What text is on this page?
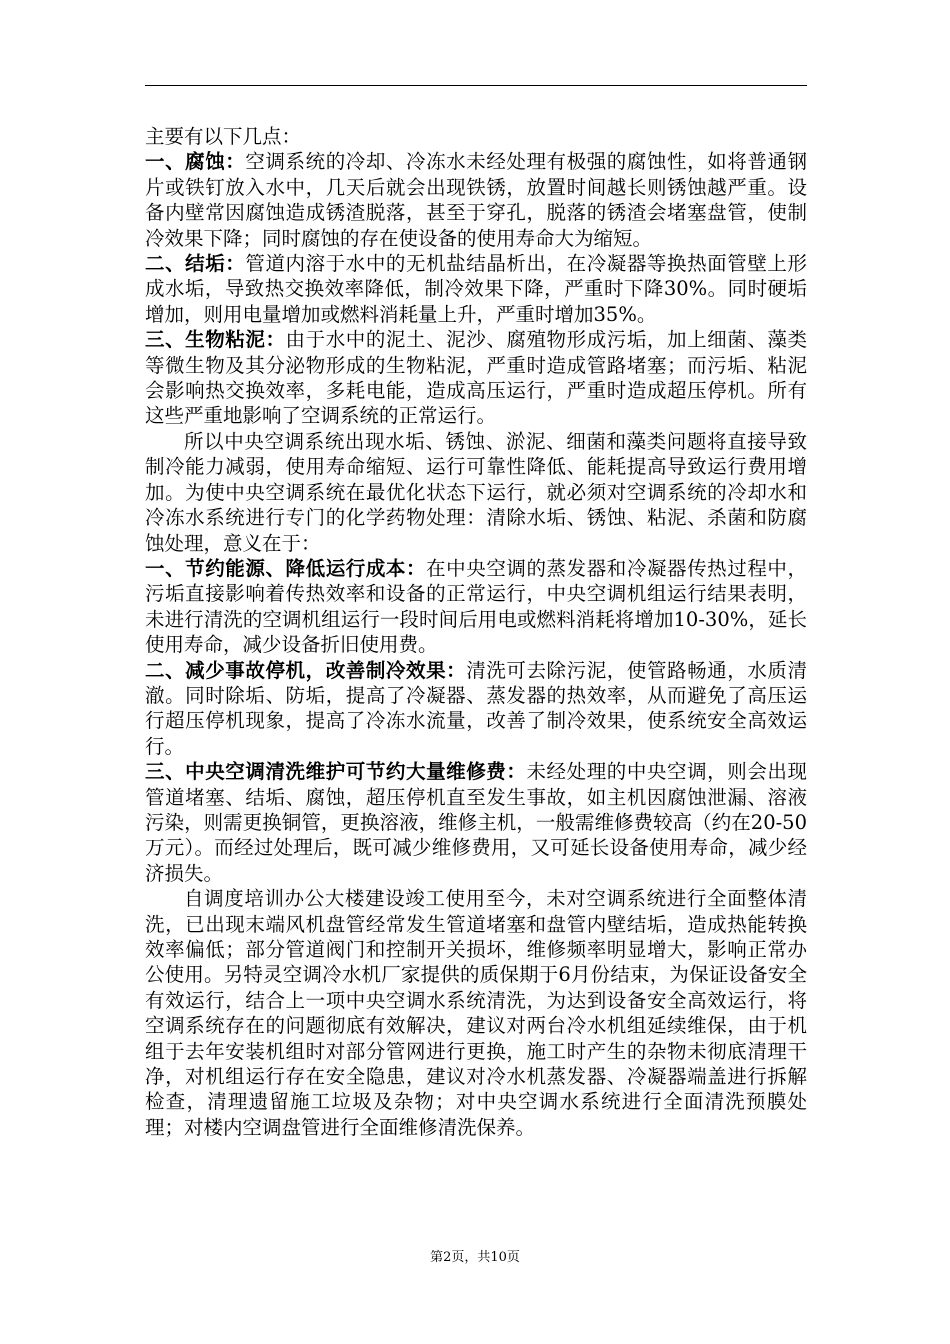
主要有以下几点：

一、腐蚀：空调系统的冷却、冷冻水未经处理有极强的腐蚀性，如将普通钢片或铁钉放入水中，几天后就会出现铁锈，放置时间越长则锈蚀越严重。设备内壁常因腐蚀造成锈渣脱落，甚至于穿孔，脱落的锈渣会堵塞盘管，使制冷效果下降；同时腐蚀的存在使设备的使用寿命大为缩短。

二、结垢：管道内溶于水中的无机盐结晶析出，在冷凝器等换热面管壁上形成水垢，导致热交换效率降低，制冷效果下降，严重时下降30%。同时硬垢增加，则用电量增加或燃料消耗量上升，严重时增加35%。

三、生物粘泥：由于水中的泥土、泥沙、腐殖物形成污垢，加上细菌、藻类等微生物及其分泌物形成的生物粘泥，严重时造成管路堵塞；而污垢、粘泥会影响热交换效率，多耗电能，造成高压运行，严重时造成超压停机。所有这些严重地影响了空调系统的正常运行。

所以中央空调系统出现水垢、锈蚀、淤泥、细菌和藻类问题将直接导致制冷能力减弱，使用寿命缩短、运行可靠性降低、能耗提高导致运行费用增加。为使中央空调系统在最优化状态下运行，就必须对空调系统的冷却水和冷冻水系统进行专门的化学药物处理：清除水垢、锈蚀、粘泥、杀菌和防腐蚀处理，意义在于：

一、节约能源、降低运行成本：在中央空调的蒸发器和冷凝器传热过程中，污垢直接影响着传热效率和设备的正常运行，中央空调机组运行结果表明，未进行清洗的空调机组运行一段时间后用电或燃料消耗将增加10-30%，延长使用寿命，减少设备折旧使用费。

二、减少事故停机，改善制冷效果：清洗可去除污泥，使管路畅通，水质清澈。同时除垢、防垢，提高了冷凝器、蒸发器的热效率，从而避免了高压运行超压停机现象，提高了冷冻水流量，改善了制冷效果，使系统安全高效运行。

三、中央空调清洗维护可节约大量维修费：未经处理的中央空调，则会出现管道堵塞、结垢、腐蚀，超压停机直至发生事故，如主机因腐蚀泄漏、溶液污染，则需更换铜管，更换溶液，维修主机，一般需维修费较高（约在20-50万元）。而经过处理后，既可减少维修费用，又可延长设备使用寿命，减少经济损失。

自调度培训办公大楼建设竣工使用至今，未对空调系统进行全面整体清洗，已出现末端风机盘管经常发生管道堵塞和盘管内壁结垢，造成热能转换效率偏低；部分管道阀门和控制开关损坏，维修频率明显增大，影响正常办公使用。另特灵空调冷水机厂家提供的质保期于6月份结束，为保证设备安全有效运行，结合上一项中央空调水系统清洗，为达到设备安全高效运行，将空调系统存在的问题彻底有效解决，建议对两台冷水机组延续维保，由于机组于去年安装机组时对部分管网进行更换，施工时产生的杂物未彻底清理干净，对机组运行存在安全隐患，建议对冷水机蒸发器、冷凝器端盖进行拆解检查，清理遗留施工垃圾及杂物；对中央空调水系统进行全面清洗预膜处理；对楼内空调盘管进行全面维修清洗保养。

第2页，共10页
